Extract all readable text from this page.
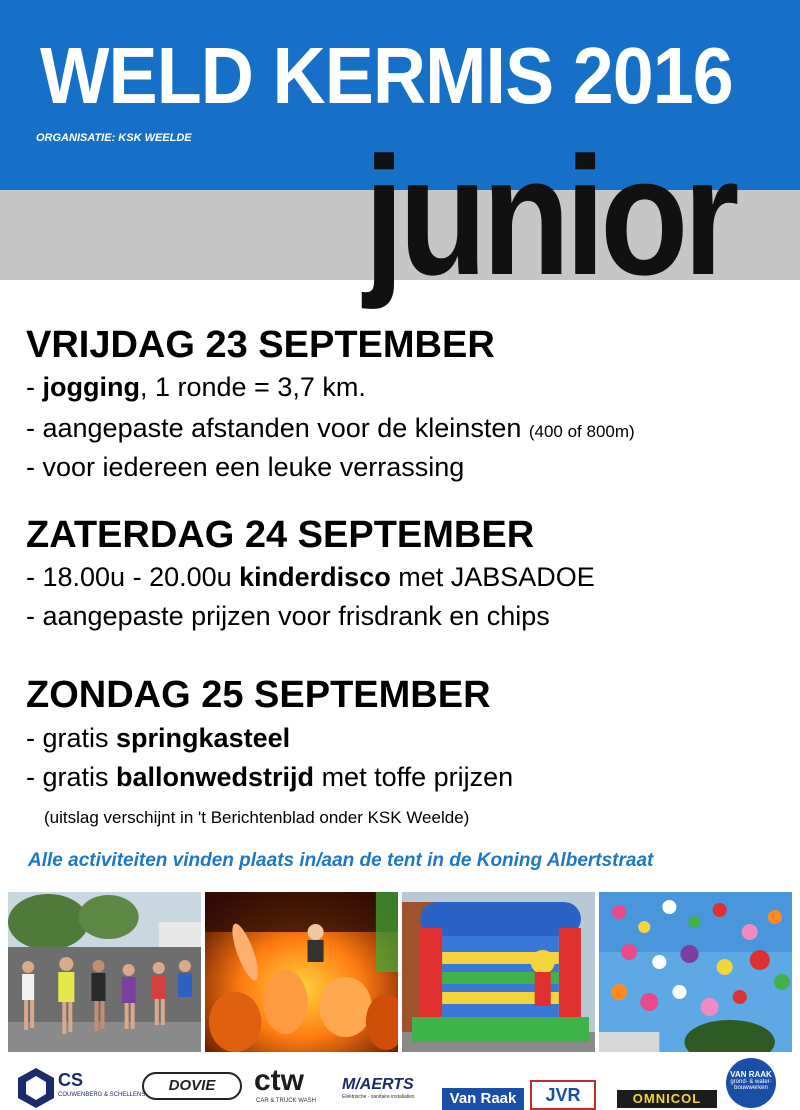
WELD KERMIS 2016
ORGANISATIE: KSK WEELDE junior
VRIJDAG 23 SEPTEMBER
- jogging, 1 ronde = 3,7 km.
- aangepaste afstanden voor de kleinsten (400 of 800m)
- voor iedereen een leuke verrassing
ZATERDAG 24 SEPTEMBER
- 18.00u - 20.00u kinderdisco met JABSADOE
- aangepaste prijzen voor frisdrank en chips
ZONDAG 25 SEPTEMBER
- gratis springkasteel
- gratis ballonwedstrijd met toffe prijzen
(uitslag verschijnt in 't Berichtenblad onder KSK Weelde)
Alle activiteiten vinden plaats in/aan de tent in de Koning Albertstraat
CS
COUWENBERG & SCHELLENS
DOVIE	ctw
CAR & TRUCK WASH
M/AERTS
Elektrische - sanitaire installaties	Van Raak	JVR	OMNICOL
VAN RAAK
grond- & water-
bouwwerken
